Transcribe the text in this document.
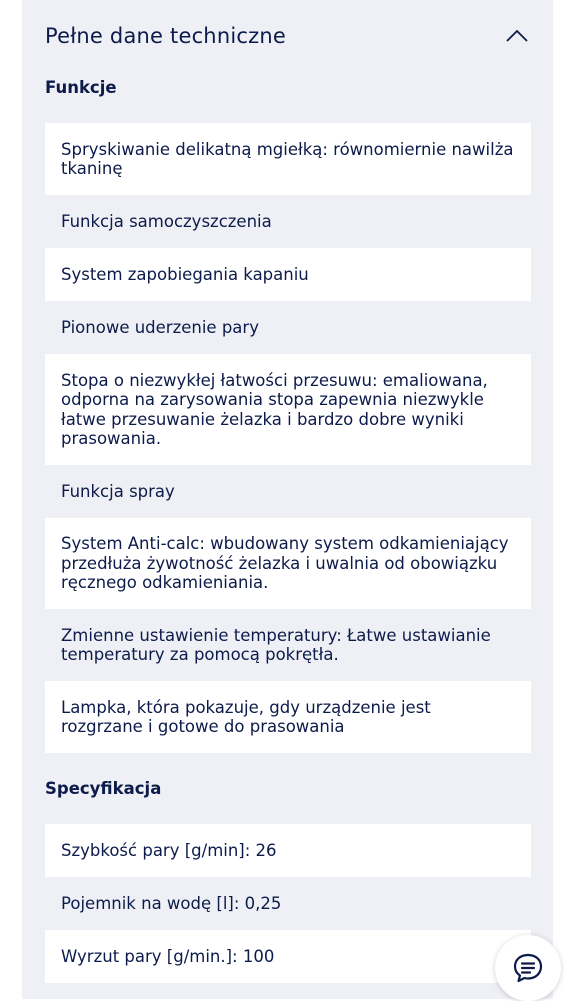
Pełne dane techniczne
Funkcje
Spryskiwanie delikatną mgiełką: równomiernie nawilża tkaninę
Funkcja samoczyszczenia
System zapobiegania kapaniu
Pionowe uderzenie pary
Stopa o niezwykłej łatwości przesuwu: emaliowana, odporna na zarysowania stopa zapewnia niezwykle łatwe przesuwanie żelazka i bardzo dobre wyniki prasowania.
Funkcja spray
System Anti-calc: wbudowany system odkamieniający przedłuża żywotność żelazka i uwalnia od obowiązku ręcznego odkamieniania.
Zmienne ustawienie temperatury: Łatwe ustawianie temperatury za pomocą pokrętła.
Lampka, która pokazuje, gdy urządzenie jest rozgrzane i gotowe do prasowania
Specyfikacja
Szybkość pary [g/min]: 26
Pojemnik na wodę [l]: 0,25
Wyrzut pary [g/min.]: 100
